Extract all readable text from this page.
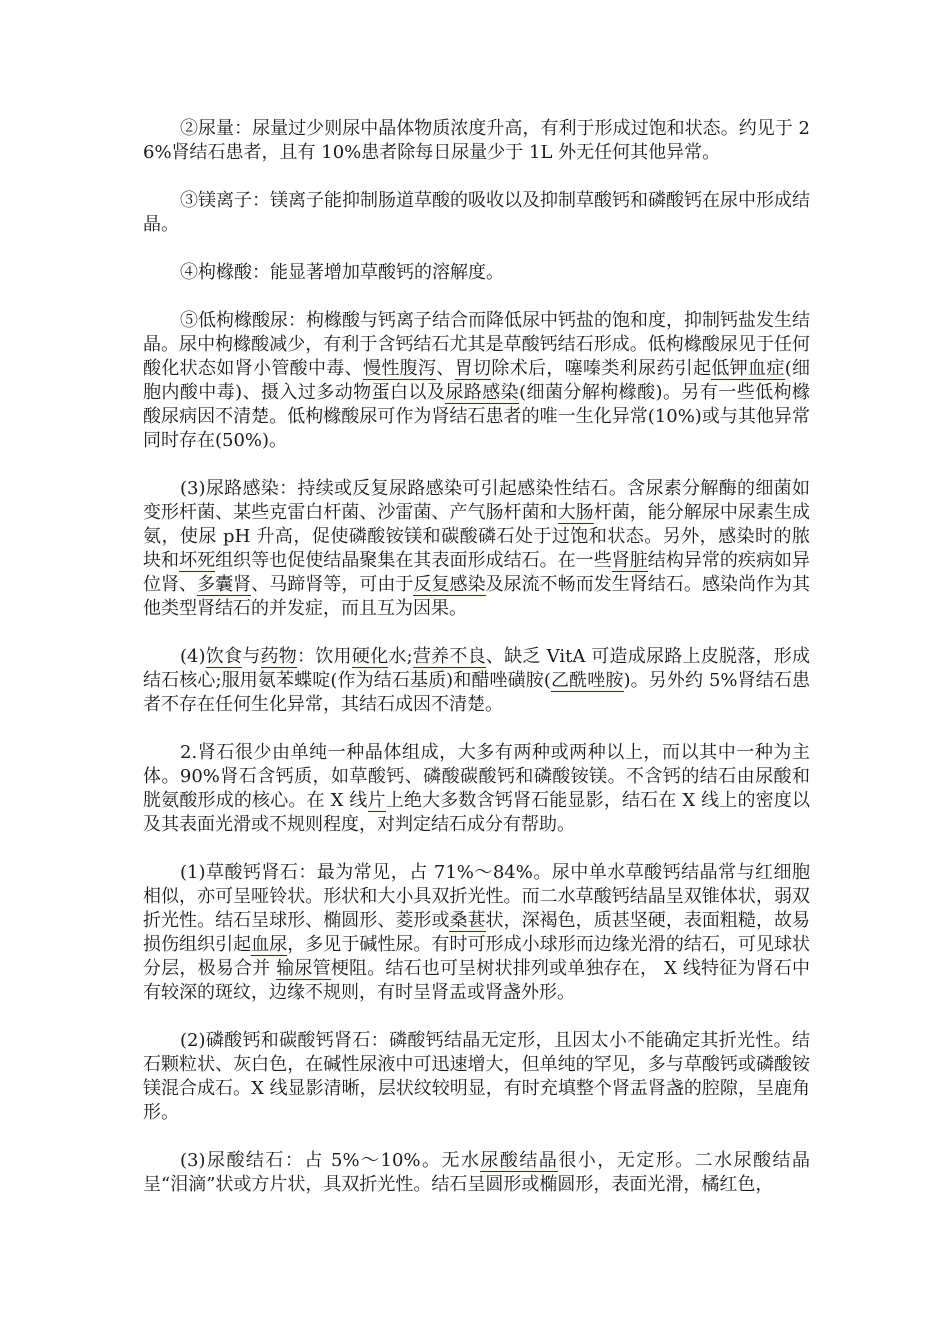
②尿量：尿量过少则尿中晶体物质浓度升高，有利于形成过饱和状态。约见于 26%肾结石患者，且有 10%患者除每日尿量少于 1L 外无任何其他异常。

③镁离子：镁离子能抑制肠道草酸的吸收以及抑制草酸钙和磷酸钙在尿中形成结晶。

④枸橼酸：能显著增加草酸钙的溶解度。

⑤低枸橼酸尿：枸橼酸与钙离子结合而降低尿中钙盐的饱和度，抑制钙盐发生结晶。尿中枸橼酸减少，有利于含钙结石尤其是草酸钙结石形成。低枸橼酸尿见于任何酸化状态如肾小管酸中毒、慢性腹泻、胃切除术后，噻嗪类利尿药引起低钾血症(细胞内酸中毒)、摄入过多动物蛋白以及尿路感染(细菌分解枸橼酸)。另有一些低枸橼酸尿病因不清楚。低枸橼酸尿可作为肾结石患者的唯一生化异常(10%)或与其他异常同时存在(50%)。

(3)尿路感染：持续或反复尿路感染可引起感染性结石。含尿素分解酶的细菌如变形杆菌、某些克雷白杆菌、沙雷菌、产气肠杆菌和大肠杆菌，能分解尿中尿素生成氨，使尿 pH 升高，促使磷酸铵镁和碳酸磷石处于过饱和状态。另外，感染时的脓块和坏死组织等也促使结晶聚集在其表面形成结石。在一些肾脏结构异常的疾病如异位肾、多囊肾、马蹄肾等，可由于反复感染及尿流不畅而发生肾结石。感染尚作为其他类型肾结石的并发症，而且互为因果。

(4)饮食与药物：饮用硬化水;营养不良、缺乏 VitA 可造成尿路上皮脱落，形成结石核心;服用氨苯蝶啶(作为结石基质)和醋唑磺胺(乙酰唑胺)。另外约 5%肾结石患者不存在任何生化异常，其结石成因不清楚。

2.肾石很少由单纯一种晶体组成，大多有两种或两种以上，而以其中一种为主体。90%肾石含钙质，如草酸钙、磷酸碳酸钙和磷酸铵镁。不含钙的结石由尿酸和胱氨酸形成的核心。在 X 线片上绝大多数含钙肾石能显影，结石在 X 线上的密度以及其表面光滑或不规则程度，对判定结石成分有帮助。

(1)草酸钙肾石：最为常见，占 71%～84%。尿中单水草酸钙结晶常与红细胞相似，亦可呈哑铃状。形状和大小具双折光性。而二水草酸钙结晶呈双锥体状，弱双折光性。结石呈球形、椭圆形、菱形或桑葚状，深褐色，质甚坚硬，表面粗糙，故易损伤组织引起血尿，多见于碱性尿。有时可形成小球形而边缘光滑的结石，可见球状分层，极易合并 输尿管梗阻。结石也可呈树状排列或单独存在， X 线特征为肾石中有较深的斑纹，边缘不规则，有时呈肾盂或肾盏外形。

(2)磷酸钙和碳酸钙肾石：磷酸钙结晶无定形，且因太小不能确定其折光性。结石颗粒状、灰白色，在碱性尿液中可迅速增大，但单纯的罕见，多与草酸钙或磷酸铵镁混合成石。X 线显影清晰，层状纹较明显，有时充填整个肾盂肾盏的腔隙，呈鹿角形。

(3)尿酸结石：占 5%～10%。无水尿酸结晶很小，无定形。二水尿酸结晶呈“泪滴”状或方片状，具双折光性。结石呈圆形或椭圆形，表面光滑，橘红色，
